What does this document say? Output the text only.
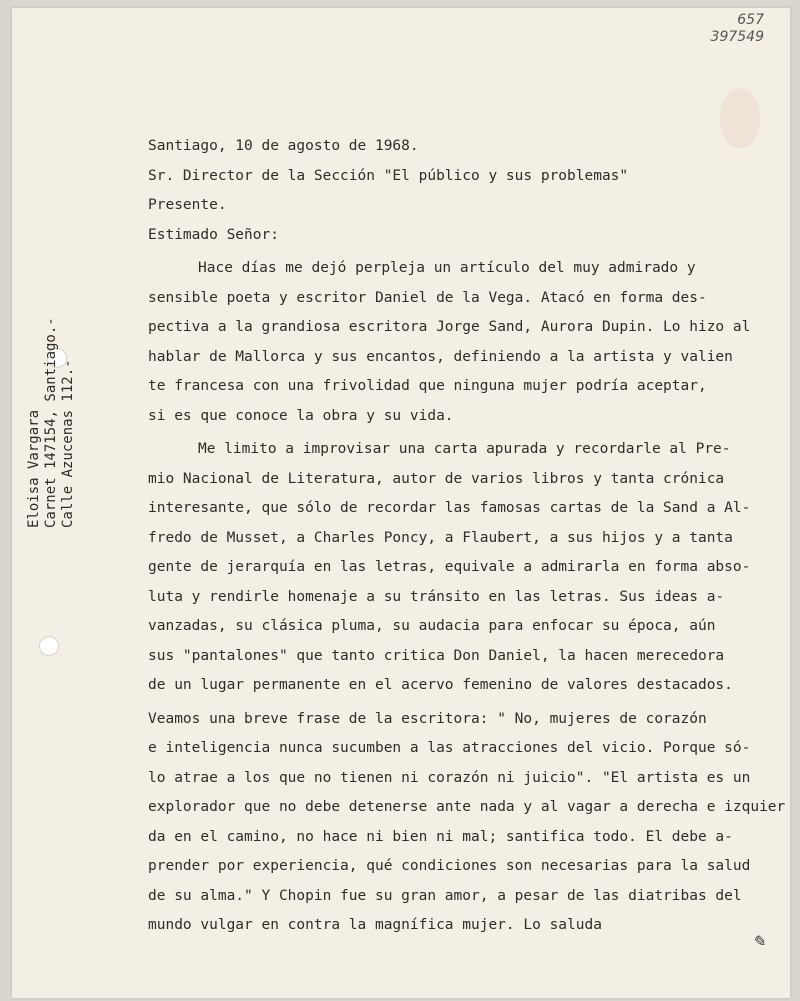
657
397549
Eloisa Vargara Carnet 147154, Santiago.- Calle Azucenas 112.-
Santiago, 10 de agosto de 1968.
Sr. Director de la Sección "El público y sus problemas"
Presente.
Estimado Señor:
Hace días me dejó perpleja un artículo del muy admirado y
sensible poeta y escritor Daniel de la Vega. Atacó en forma des-
pectiva a la grandiosa escritora Jorge Sand, Aurora Dupin. Lo hizo al
hablar de Mallorca y sus encantos, definiendo a la artista y valien
te francesa con una frivolidad que ninguna mujer podría aceptar,
si es que conoce la obra y su vida.
Me limito a improvisar una carta apurada y recordarle al Pre-
mio Nacional de Literatura, autor de varios libros y tanta crónica
interesante, que sólo de recordar las famosas cartas de la Sand a Al-
fredo de Musset, a Charles Poncy, a Flaubert, a sus hijos y a tanta
gente de jerarquía en las letras, equivale a admirarla en forma abso-
luta y rendirle homenaje a su tránsito en las letras. Sus ideas a-
vanzadas, su clásica pluma, su audacia para enfocar su época, aún
sus "pantalones" que tanto critica Don Daniel, la hacen merecedora
de un lugar permanente en el acervo femenino de valores destacados.
Veamos una breve frase de la escritora: " No, mujeres de corazón
e inteligencia nunca sucumben a las atracciones del vicio. Porque só-
lo atrae a los que no tienen ni corazón ni juicio". "El artista es un
explorador que no debe detenerse ante nada y al vagar a derecha e izquier
da en el camino, no hace ni bien ni mal; santifica todo. El debe a-
prender por experiencia, qué condiciones son necesarias para la salud
de su alma." Y Chopin fue su gran amor, a pesar de las diatribas del
mundo vulgar en contra la magnífica mujer. Lo saluda
✎
